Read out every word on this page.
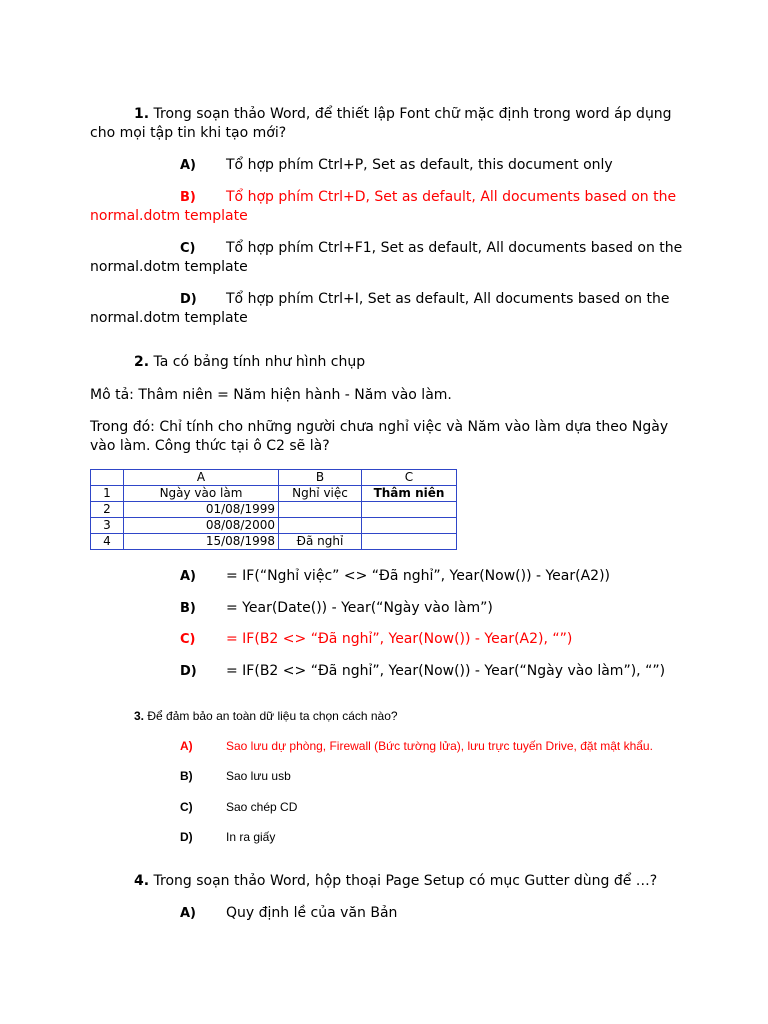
1. Trong soạn thảo Word, để thiết lập Font chữ mặc định trong word áp dụng
cho mọi tập tin khi tạo mới?
A) Tổ hợp phím Ctrl+P, Set as default, this document only
B) Tổ hợp phím Ctrl+D, Set as default, All documents based on the
normal.dotm template
C) Tổ hợp phím Ctrl+F1, Set as default, All documents based on the
normal.dotm template
D) Tổ hợp phím Ctrl+I, Set as default, All documents based on the
normal.dotm template
2. Ta có bảng tính như hình chụp
Mô tả: Thâm niên = Năm hiện hành - Năm vào làm.
Trong đó: Chỉ tính cho những người chưa nghỉ việc và Năm vào làm dựa theo Ngày
vào làm. Công thức tại ô C2 sẽ là?
	A	B	C
1	Ngày vào làm	Nghỉ việc	Thâm niên
2	01/08/1999		
3	08/08/2000		
4	15/08/1998	Đã nghỉ	
A) = IF(“Nghỉ việc” <> “Đã nghỉ”, Year(Now()) - Year(A2))
B) = Year(Date()) - Year(“Ngày vào làm”)
C) = IF(B2 <> “Đã nghỉ”, Year(Now()) - Year(A2), “”)
D) = IF(B2 <> “Đã nghỉ”, Year(Now()) - Year(“Ngày vào làm”), “”)
3. Để đảm bảo an toàn dữ liệu ta chọn cách nào?
A)	Sao lưu dự phòng, Firewall (Bức tường lửa), lưu trực tuyến Drive, đặt mật khẩu.
B)	Sao lưu usb
C)	Sao chép CD
D)	In ra giấy
4. Trong soạn thảo Word, hộp thoại Page Setup có mục Gutter dùng để …?
A) Quy định lề của văn Bản
